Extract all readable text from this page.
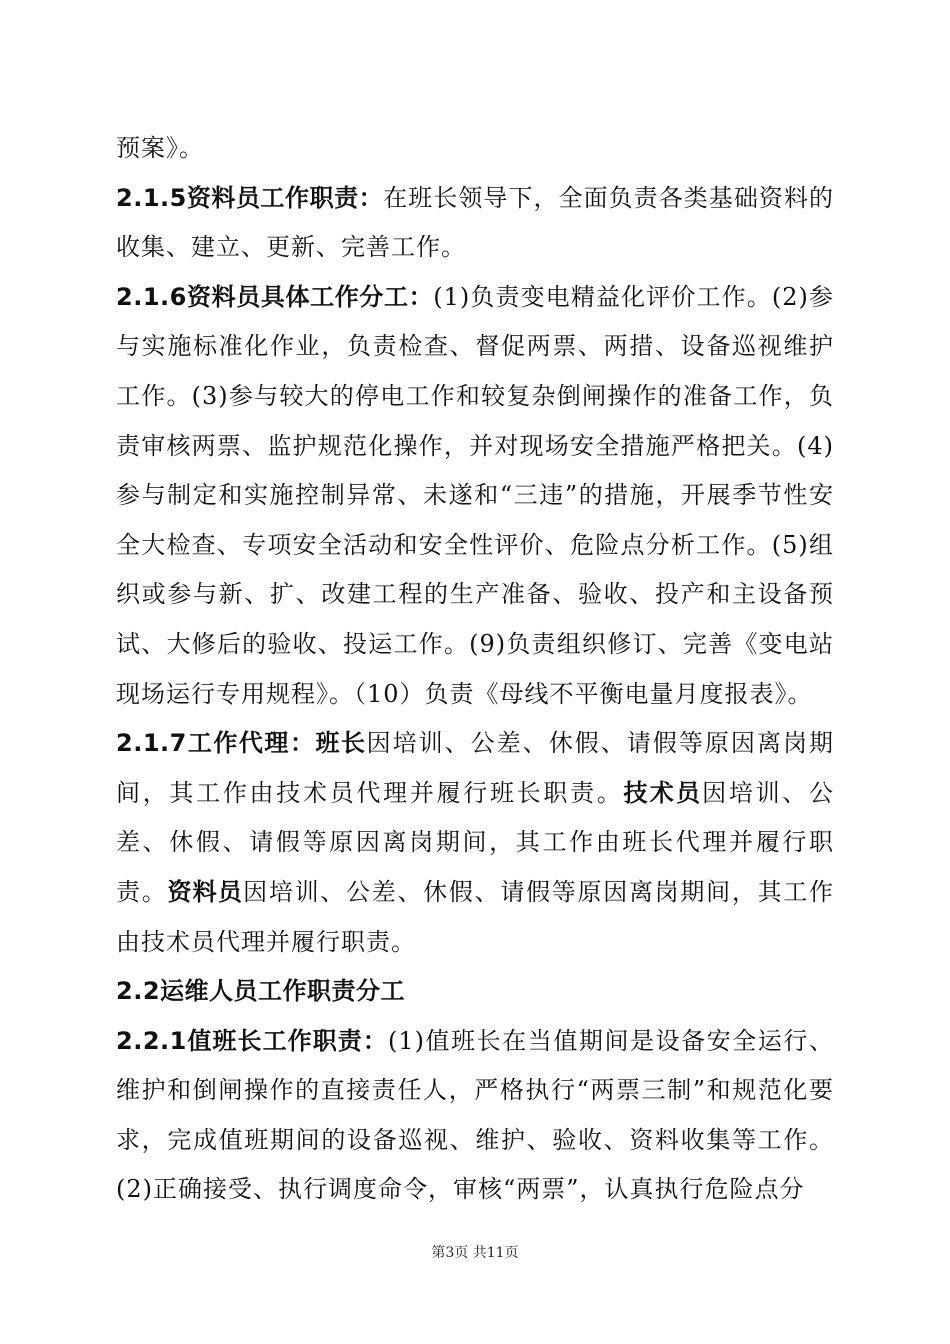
预案》。

2.1.5资料员工作职责：在班长领导下，全面负责各类基础资料的收集、建立、更新、完善工作。

2.1.6资料员具体工作分工：(1)负责变电精益化评价工作。(2)参与实施标准化作业，负责检查、督促两票、两措、设备巡视维护工作。(3)参与较大的停电工作和较复杂倒闸操作的准备工作，负责审核两票、监护规范化操作，并对现场安全措施严格把关。(4)参与制定和实施控制异常、未遂和“三违”的措施，开展季节性安全大检查、专项安全活动和安全性评价、危险点分析工作。(5)组织或参与新、扩、改建工程的生产准备、验收、投产和主设备预试、大修后的验收、投运工作。(9)负责组织修订、完善《变电站现场运行专用规程》。（10）负责《母线不平衡电量月度报表》。

2.1.7工作代理：班长因培训、公差、休假、请假等原因离岗期间，其工作由技术员代理并履行班长职责。技术员因培训、公差、休假、请假等原因离岗期间，其工作由班长代理并履行职责。资料员因培训、公差、休假、请假等原因离岗期间，其工作由技术员代理并履行职责。

2.2运维人员工作职责分工

2.2.1值班长工作职责：(1)值班长在当值期间是设备安全运行、维护和倒闸操作的直接责任人，严格执行“两票三制”和规范化要求，完成值班期间的设备巡视、维护、验收、资料收集等工作。(2)正确接受、执行调度命令，审核“两票”，认真执行危险点分

第3页 共11页
